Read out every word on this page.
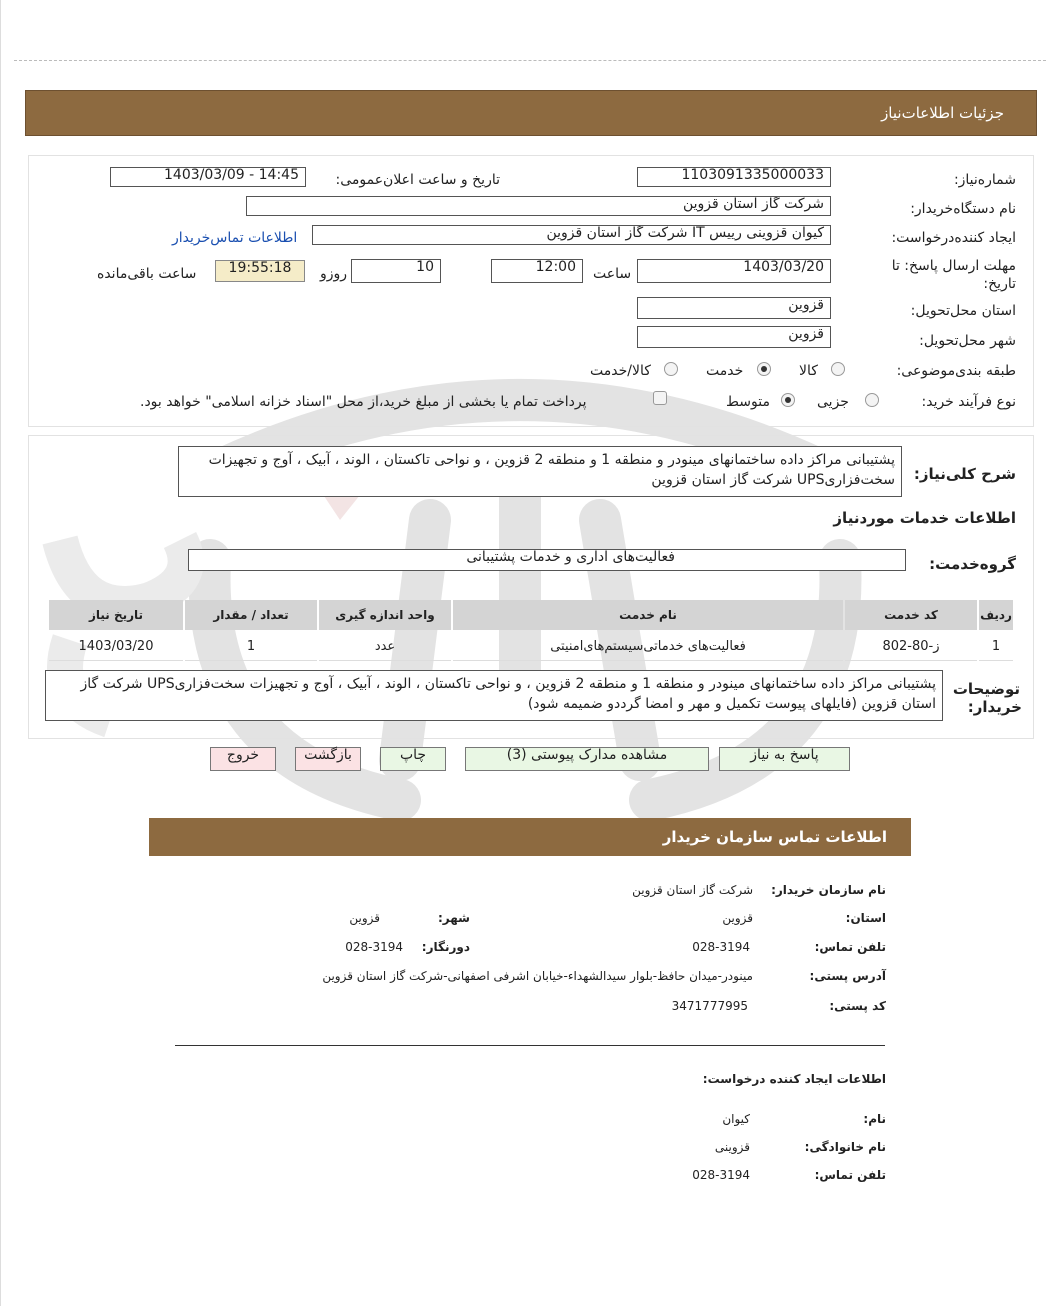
جزئیات اطلاعات‌نیاز
شماره‌نیاز:
1103091335000033
تاریخ و ساعت اعلان‌عمومی:
1403/03/09 - 14:45
نام دستگاه‌خریدار:
شرکت گاز استان قزوین
ایجاد کننده‌درخواست:
کیوان قزوینی رییس IT شرکت گاز استان قزوین
اطلاعات تماس‌خریدار
مهلت ارسال پاسخ: تا
تاریخ:
1403/03/20
ساعت
12:00
10
روزو
19:55:18
ساعت باقی‌مانده
استان محل‌تحویل:
قزوین
شهر محل‌تحویل:
قزوین
طبقه بندی‌موضوعی:
کالا
خدمت
کالا/خدمت
نوع فرآیند خرید:
جزیی
متوسط
پرداخت تمام یا بخشی از مبلغ خرید،از محل "اسناد خزانه اسلامی" خواهد بود.
شرح کلی‌نیاز:
پشتیبانی مراکز داده ساختمانهای مینودر و منطقه 1 و منطقه 2 قزوین ، و نواحی تاکستان ، الوند ، آبیک ، آوج و تجهیزات سخت‌فزاریUPS شرکت گاز استان قزوین
اطلاعات خدمات موردنیاز
گروه‌خدمت:
فعالیت‌های اداری و خدمات پشتیبانی
ردیف	کد خدمت	نام خدمت	واحد اندازه گیری	تعداد / مقدار	تاریخ نیاز
1	ز-80-802	فعالیت‌های خدماتی‌سیستم‌های‌امنیتی	عدد	1	1403/03/20
توضیحات
خریدار:
پشتیبانی مراکز داده ساختمانهای مینودر و منطقه 1 و منطقه 2 قزوین ، و نواحی تاکستان ، الوند ، آبیک ، آوج و تجهیزات سخت‌فزاریUPS شرکت گاز استان قزوین (فایلهای پیوست تکمیل و مهر و امضا گرددو ضمیمه شود)
پاسخ به نیاز
مشاهده مدارک پیوستی (3)
چاپ
بازگشت
خروج
اطلاعات تماس سازمان خریدار
نام سازمان خریدار:
شرکت گاز استان قزوین
استان:
قزوین
شهر:
قزوین
تلفن تماس:
028-3194
دورنگار:
028-3194
آدرس پستی:
مینودر-میدان حافظ-بلوار سیدالشهداء-خیابان اشرفی اصفهانی-شرکت گاز استان قزوین
کد پستی:
3471777995
اطلاعات ایجاد کننده درخواست:
نام:
کیوان
نام خانوادگی:
قزوینی
تلفن تماس:
028-3194
